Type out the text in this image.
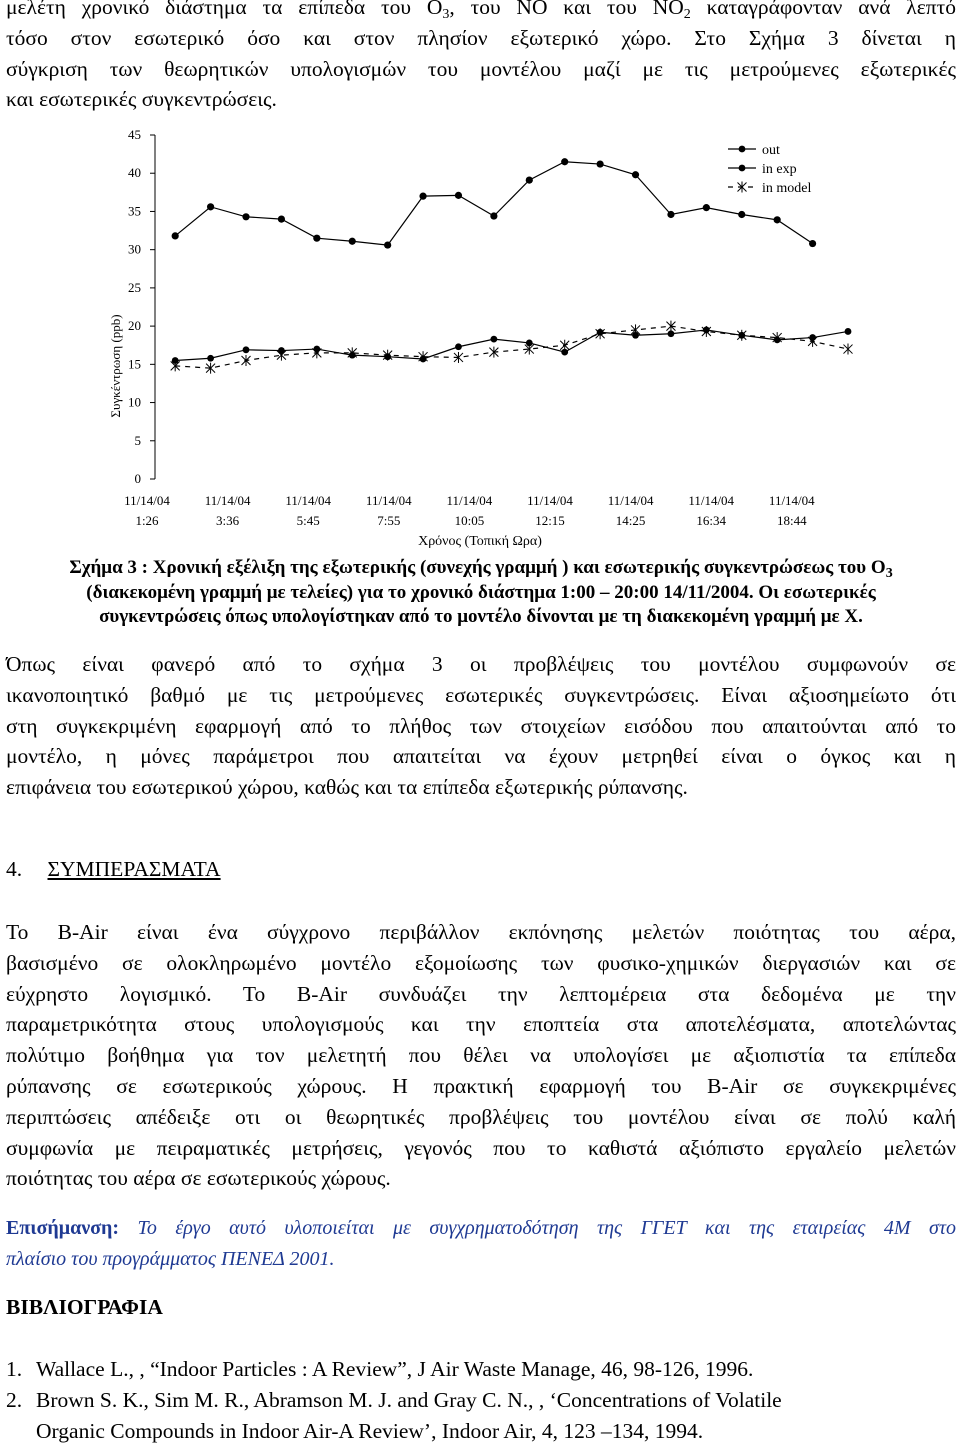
μελέτη χρονικό διάστημα τα επίπεδα του $O_3$, του NO και του $NO_2$ καταγράφονταν ανά λεπτό
τόσο στον εσωτερικό όσο και στον πλησίον εξωτερικό χώρο. Στο Σχήμα 3 δίνεται η
σύγκριση των θεωρητικών υπολογισμών του μοντέλου μαζί με τις μετρούμενες εξωτερικές
και εσωτερικές συγκεντρώσεις.
0
5
10
15
20
25
30
35
40
45
Συγκέντρωση (ppb)
11/14/04
1:26
11/14/04
3:36
11/14/04
5:45
11/14/04
7:55
11/14/04
10:05
11/14/04
12:15
11/14/04
14:25
11/14/04
16:34
11/14/04
18:44
Χρόνος (Τοπική Ωρα)
out
in exp
in model
Σχήμα 3 : Χρονική εξέλιξη της εξωτερικής (συνεχής γραμμή ) και εσωτερικής συγκεντρώσεως του $O_3$
(διακεκομένη γραμμή με τελείες) για το χρονικό διάστημα 1:00 – 20:00 14/11/2004. Οι εσωτερικές
συγκεντρώσεις όπως υπολογίστηκαν από το μοντέλο δίνονται με τη διακεκομένη γραμμή με Χ.
Όπως είναι φανερό από το σχήμα 3 οι προβλέψεις του μοντέλου συμφωνούν σε
ικανοποιητικό βαθμό με τις μετρούμενες εσωτερικές συγκεντρώσεις. Είναι αξιοσημείωτο ότι
στη συγκεκριμένη εφαρμογή από το πλήθος των στοιχείων εισόδου που απαιτούνται από το
μοντέλο, η μόνες παράμετροι που απαιτείται να έχουν μετρηθεί είναι ο όγκος και η
επιφάνεια του εσωτερικού χώρου, καθώς και τα επίπεδα εξωτερικής ρύπανσης.
4. ΣΥΜΠΕΡΑΣΜΑΤΑ
Το B-Air είναι ένα σύγχρονο περιβάλλον εκπόνησης μελετών ποιότητας του αέρα,
βασισμένο σε ολοκληρωμένο μοντέλο εξομοίωσης των φυσικο-χημικών διεργασιών και σε
εύχρηστο λογισμικό. Το B-Air συνδυάζει την λεπτομέρεια στα δεδομένα με την
παραμετρικότητα στους υπολογισμούς και την εποπτεία στα αποτελέσματα, αποτελώντας
πολύτιμο βοήθημα για τον μελετητή που θέλει να υπολογίσει με αξιοπιστία τα επίπεδα
ρύπανσης σε εσωτερικούς χώρους. Η πρακτική εφαρμογή του B-Air σε συγκεκριμένες
περιπτώσεις απέδειξε οτι οι θεωρητικές προβλέψεις του μοντέλου είναι σε πολύ καλή
συμφωνία με πειραματικές μετρήσεις, γεγονός που το καθιστά αξιόπιστο εργαλείο μελετών
ποιότητας του αέρα σε εσωτερικούς χώρους.
Επισήμανση: Το έργο αυτό υλοποιείται με συγχρηματοδότηση της ΓΓΕΤ και της εταιρείας 4Μ στο
πλαίσιο του προγράμματος ΠΕΝΕΔ 2001.
ΒΙΒΛΙΟΓΡΑΦΙΑ
1. Wallace L., , “Indoor Particles : A Review”, J Air Waste Manage, 46, 98-126, 1996.
2. Brown S. K., Sim M. R., Abramson M. J. and Gray C. N., , ‘Concentrations of Volatile
Organic Compounds in Indoor Air-A Review’, Indoor Air, 4, 123 –134, 1994.
